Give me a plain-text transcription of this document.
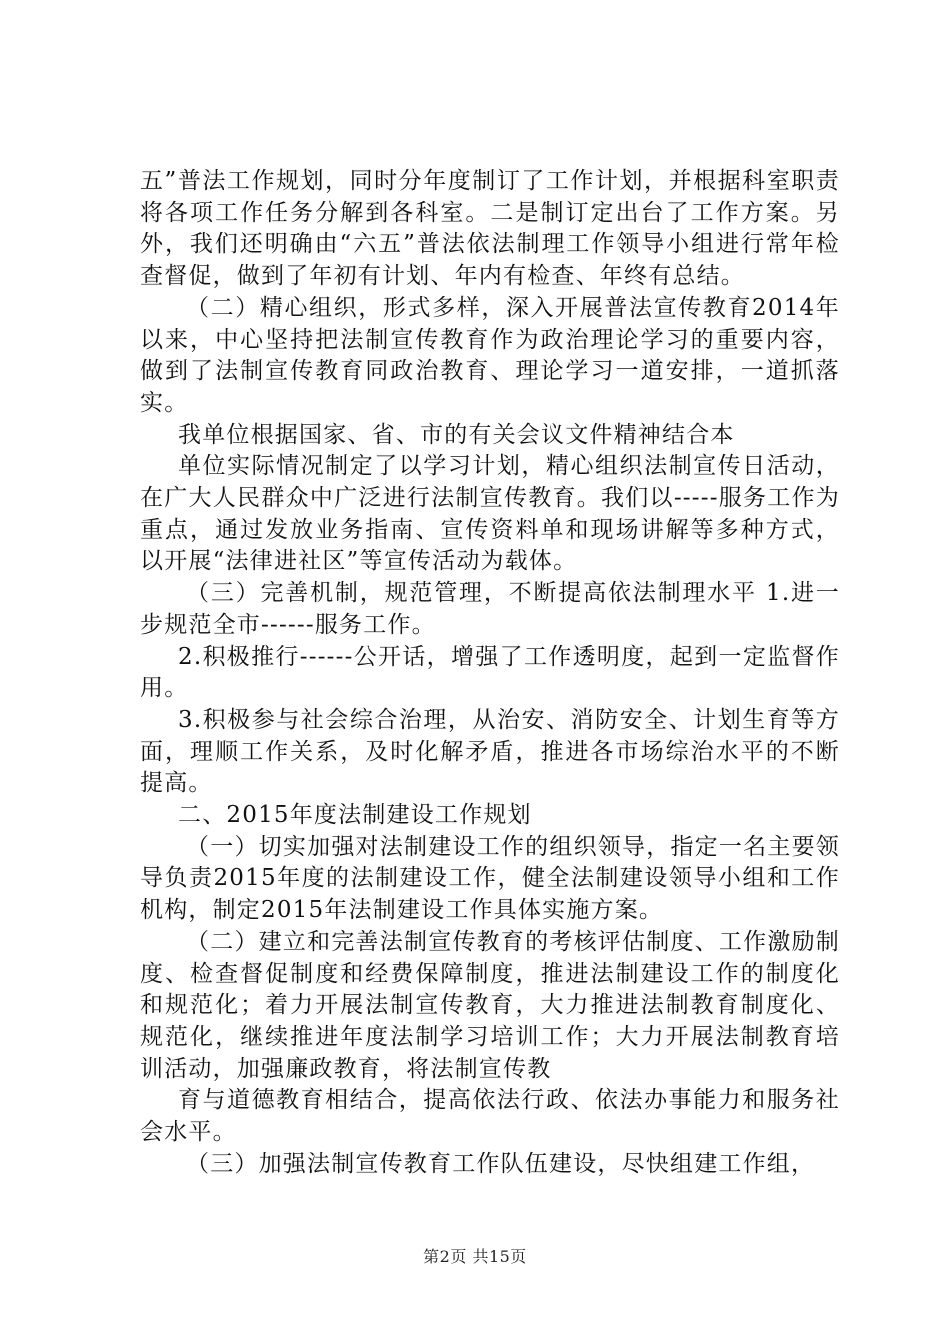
五”普法工作规划，同时分年度制订了工作计划，并根据科室职责将各项工作任务分解到各科室。二是制订定出台了工作方案。另外，我们还明确由“六五”普法依法制理工作领导小组进行常年检查督促，做到了年初有计划、年内有检查、年终有总结。

（二）精心组织，形式多样，深入开展普法宣传教育2014年以来，中心坚持把法制宣传教育作为政治理论学习的重要内容，做到了法制宣传教育同政治教育、理论学习一道安排，一道抓落实。

我单位根据国家、省、市的有关会议文件精神结合本

单位实际情况制定了以学习计划，精心组织法制宣传日活动，在广大人民群众中广泛进行法制宣传教育。我们以-----服务工作为重点，通过发放业务指南、宣传资料单和现场讲解等多种方式，以开展“法律进社区”等宣传活动为载体。

（三）完善机制，规范管理，不断提高依法制理水平 1.进一步规范全市------服务工作。

2.积极推行------公开话，增强了工作透明度，起到一定监督作用。

3.积极参与社会综合治理，从治安、消防安全、计划生育等方面，理顺工作关系，及时化解矛盾，推进各市场综治水平的不断提高。

二、2015年度法制建设工作规划

（一）切实加强对法制建设工作的组织领导，指定一名主要领导负责2015年度的法制建设工作，健全法制建设领导小组和工作机构，制定2015年法制建设工作具体实施方案。

（二）建立和完善法制宣传教育的考核评估制度、工作激励制度、检查督促制度和经费保障制度，推进法制建设工作的制度化和规范化；着力开展法制宣传教育，大力推进法制教育制度化、规范化，继续推进年度法制学习培训工作；大力开展法制教育培训活动，加强廉政教育，将法制宣传教

育与道德教育相结合，提高依法行政、依法办事能力和服务社会水平。

（三）加强法制宣传教育工作队伍建设，尽快组建工作组，

第2页 共15页
